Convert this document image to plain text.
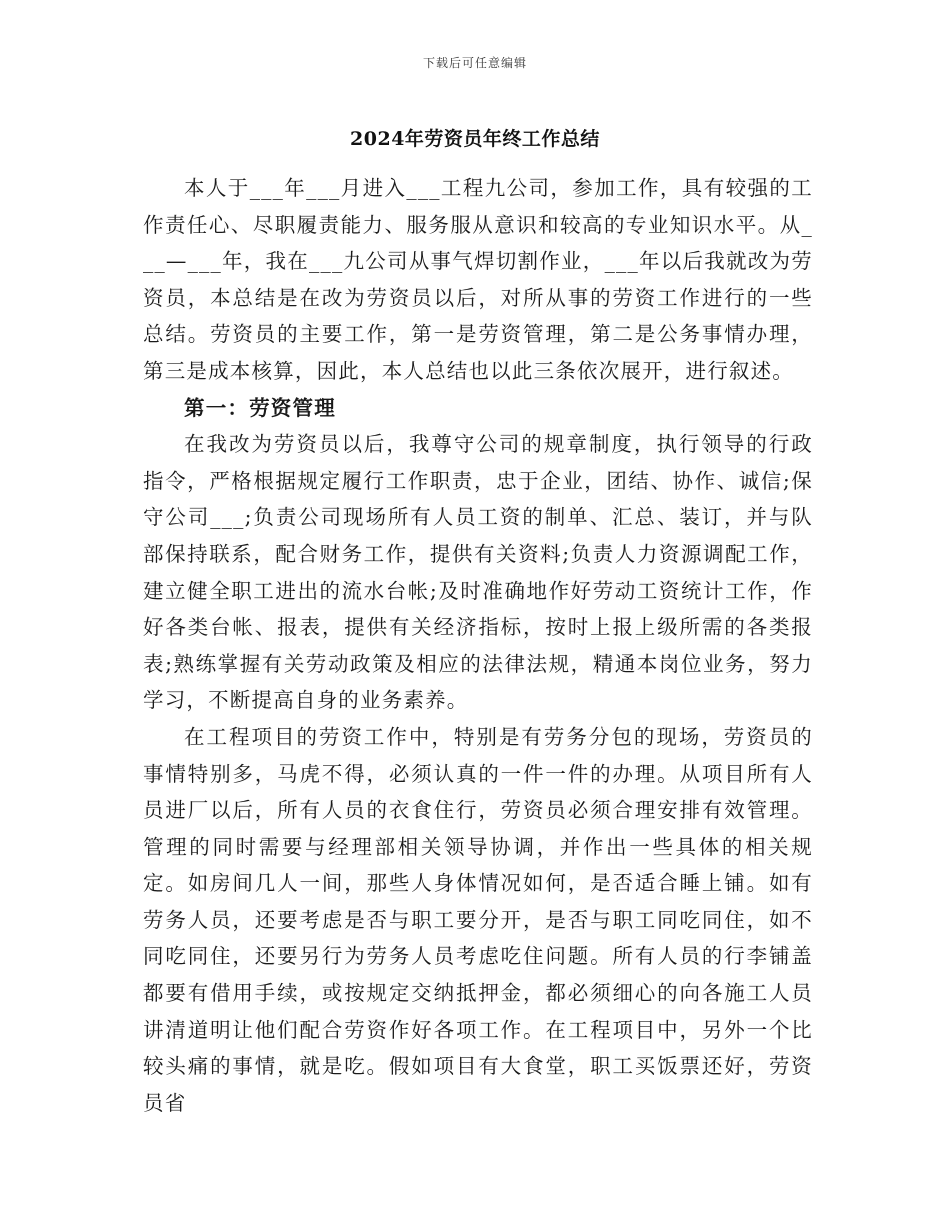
下载后可任意编辑
2024年劳资员年终工作总结

本人于___年___月进入___工程九公司，参加工作，具有较强的工作责任心、尽职履责能力、服务服从意识和较高的专业知识水平。从___—___年，我在___九公司从事气焊切割作业，___年以后我就改为劳资员，本总结是在改为劳资员以后，对所从事的劳资工作进行的一些总结。劳资员的主要工作，第一是劳资管理，第二是公务事情办理，第三是成本核算，因此，本人总结也以此三条依次展开，进行叙述。

第一：劳资管理

在我改为劳资员以后，我尊守公司的规章制度，执行领导的行政指令，严格根据规定履行工作职责，忠于企业，团结、协作、诚信;保守公司___;负责公司现场所有人员工资的制单、汇总、装订，并与队部保持联系，配合财务工作，提供有关资料;负责人力资源调配工作，建立健全职工进出的流水台帐;及时准确地作好劳动工资统计工作，作好各类台帐、报表，提供有关经济指标，按时上报上级所需的各类报表;熟练掌握有关劳动政策及相应的法律法规，精通本岗位业务，努力学习，不断提高自身的业务素养。

在工程项目的劳资工作中，特别是有劳务分包的现场，劳资员的事情特别多，马虎不得，必须认真的一件一件的办理。从项目所有人员进厂以后，所有人员的衣食住行，劳资员必须合理安排有效管理。管理的同时需要与经理部相关领导协调，并作出一些具体的相关规定。如房间几人一间，那些人身体情况如何，是否适合睡上铺。如有劳务人员，还要考虑是否与职工要分开，是否与职工同吃同住，如不同吃同住，还要另行为劳务人员考虑吃住问题。所有人员的行李铺盖都要有借用手续，或按规定交纳抵押金，都必须细心的向各施工人员讲清道明让他们配合劳资作好各项工作。在工程项目中，另外一个比较头痛的事情，就是吃。假如项目有大食堂，职工买饭票还好，劳资员省
